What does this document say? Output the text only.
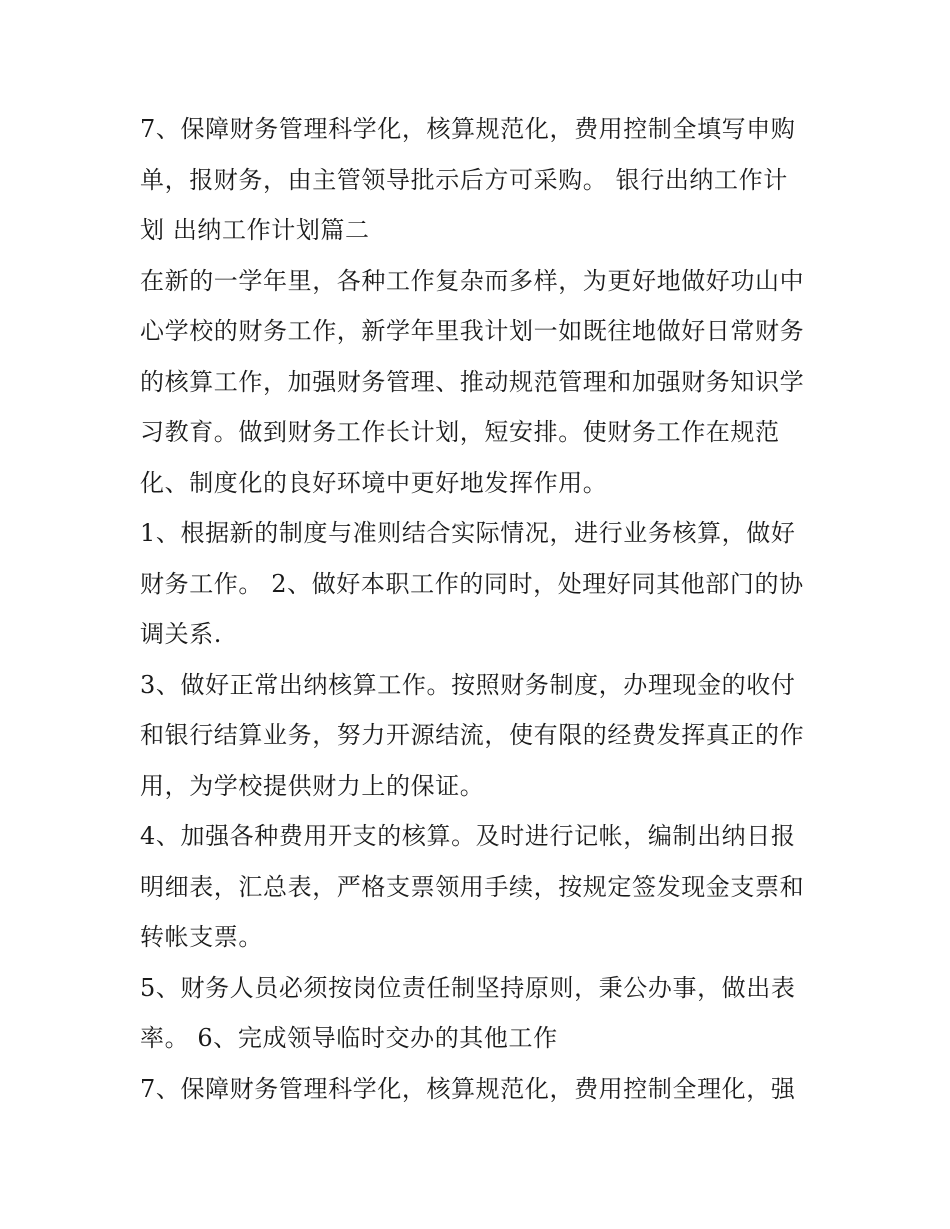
7、保障财务管理科学化，核算规范化，费用控制全填写申购
单，报财务，由主管领导批示后方可采购。 银行出纳工作计
划 出纳工作计划篇二

在新的一学年里，各种工作复杂而多样，为更好地做好功山中
心学校的财务工作，新学年里我计划一如既往地做好日常财务
的核算工作，加强财务管理、推动规范管理和加强财务知识学
习教育。做到财务工作长计划，短安排。使财务工作在规范
化、制度化的良好环境中更好地发挥作用。

1、根据新的制度与准则结合实际情况，进行业务核算，做好
财务工作。 2、做好本职工作的同时，处理好同其他部门的协
调关系.

3、做好正常出纳核算工作。按照财务制度，办理现金的收付
和银行结算业务，努力开源结流，使有限的经费发挥真正的作
用，为学校提供财力上的保证。

4、加强各种费用开支的核算。及时进行记帐，编制出纳日报
明细表，汇总表，严格支票领用手续，按规定签发现金支票和
转帐支票。

5、财务人员必须按岗位责任制坚持原则，秉公办事，做出表
率。 6、完成领导临时交办的其他工作

7、保障财务管理科学化，核算规范化，费用控制全理化，强
